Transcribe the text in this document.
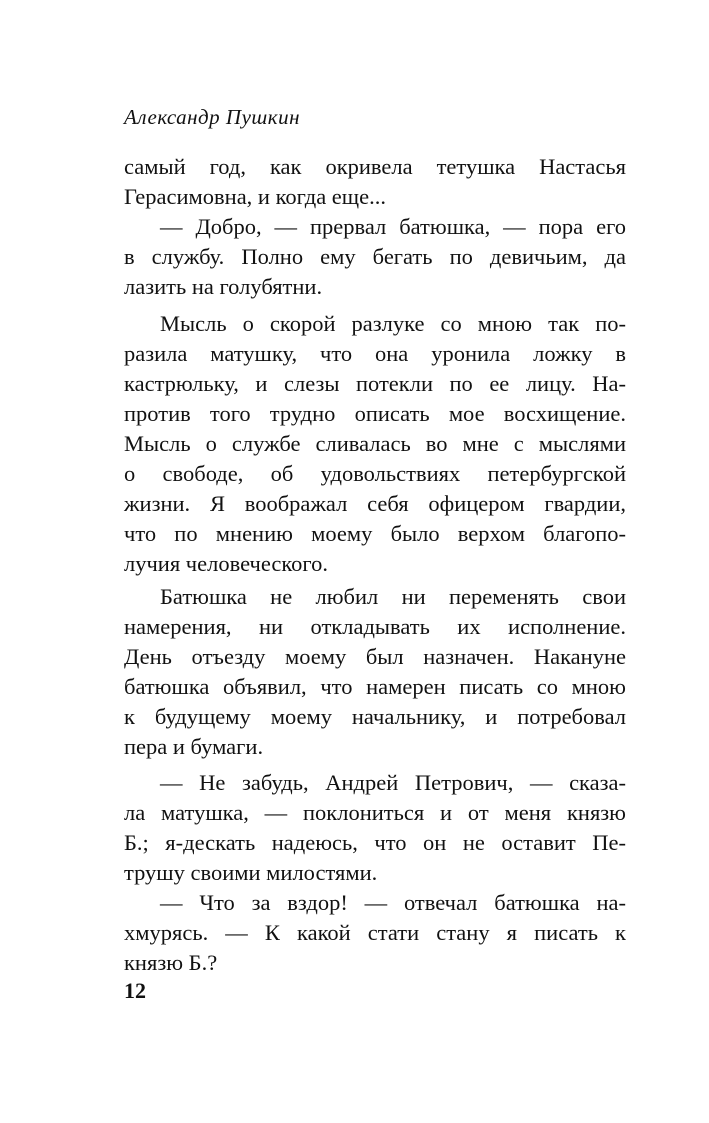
Александр Пушкин
самый год, как окривела тетушка Настасья
Герасимовна, и когда еще...
— Добро, — прервал батюшка, — пора его
в службу. Полно ему бегать по девичьим, да
лазить на голубятни.
Мысль о скорой разлуке со мною так по-
разила матушку, что она уронила ложку в
кастрюльку, и слезы потекли по ее лицу. На-
против того трудно описать мое восхищение.
Мысль о службе сливалась во мне с мыслями
о свободе, об удовольствиях петербургской
жизни. Я воображал себя офицером гвардии,
что по мнению моему было верхом благопо-
лучия человеческого.
Батюшка не любил ни переменять свои
намерения, ни откладывать их исполнение.
День отъезду моему был назначен. Накануне
батюшка объявил, что намерен писать со мною
к будущему моему начальнику, и потребовал
пера и бумаги.
— Не забудь, Андрей Петрович, — сказа-
ла матушка, — поклониться и от меня князю
Б.; я-дескать надеюсь, что он не оставит Пе-
трушу своими милостями.
— Что за вздор! — отвечал батюшка на-
хмурясь. — К какой стати стану я писать к
князю Б.?
12
